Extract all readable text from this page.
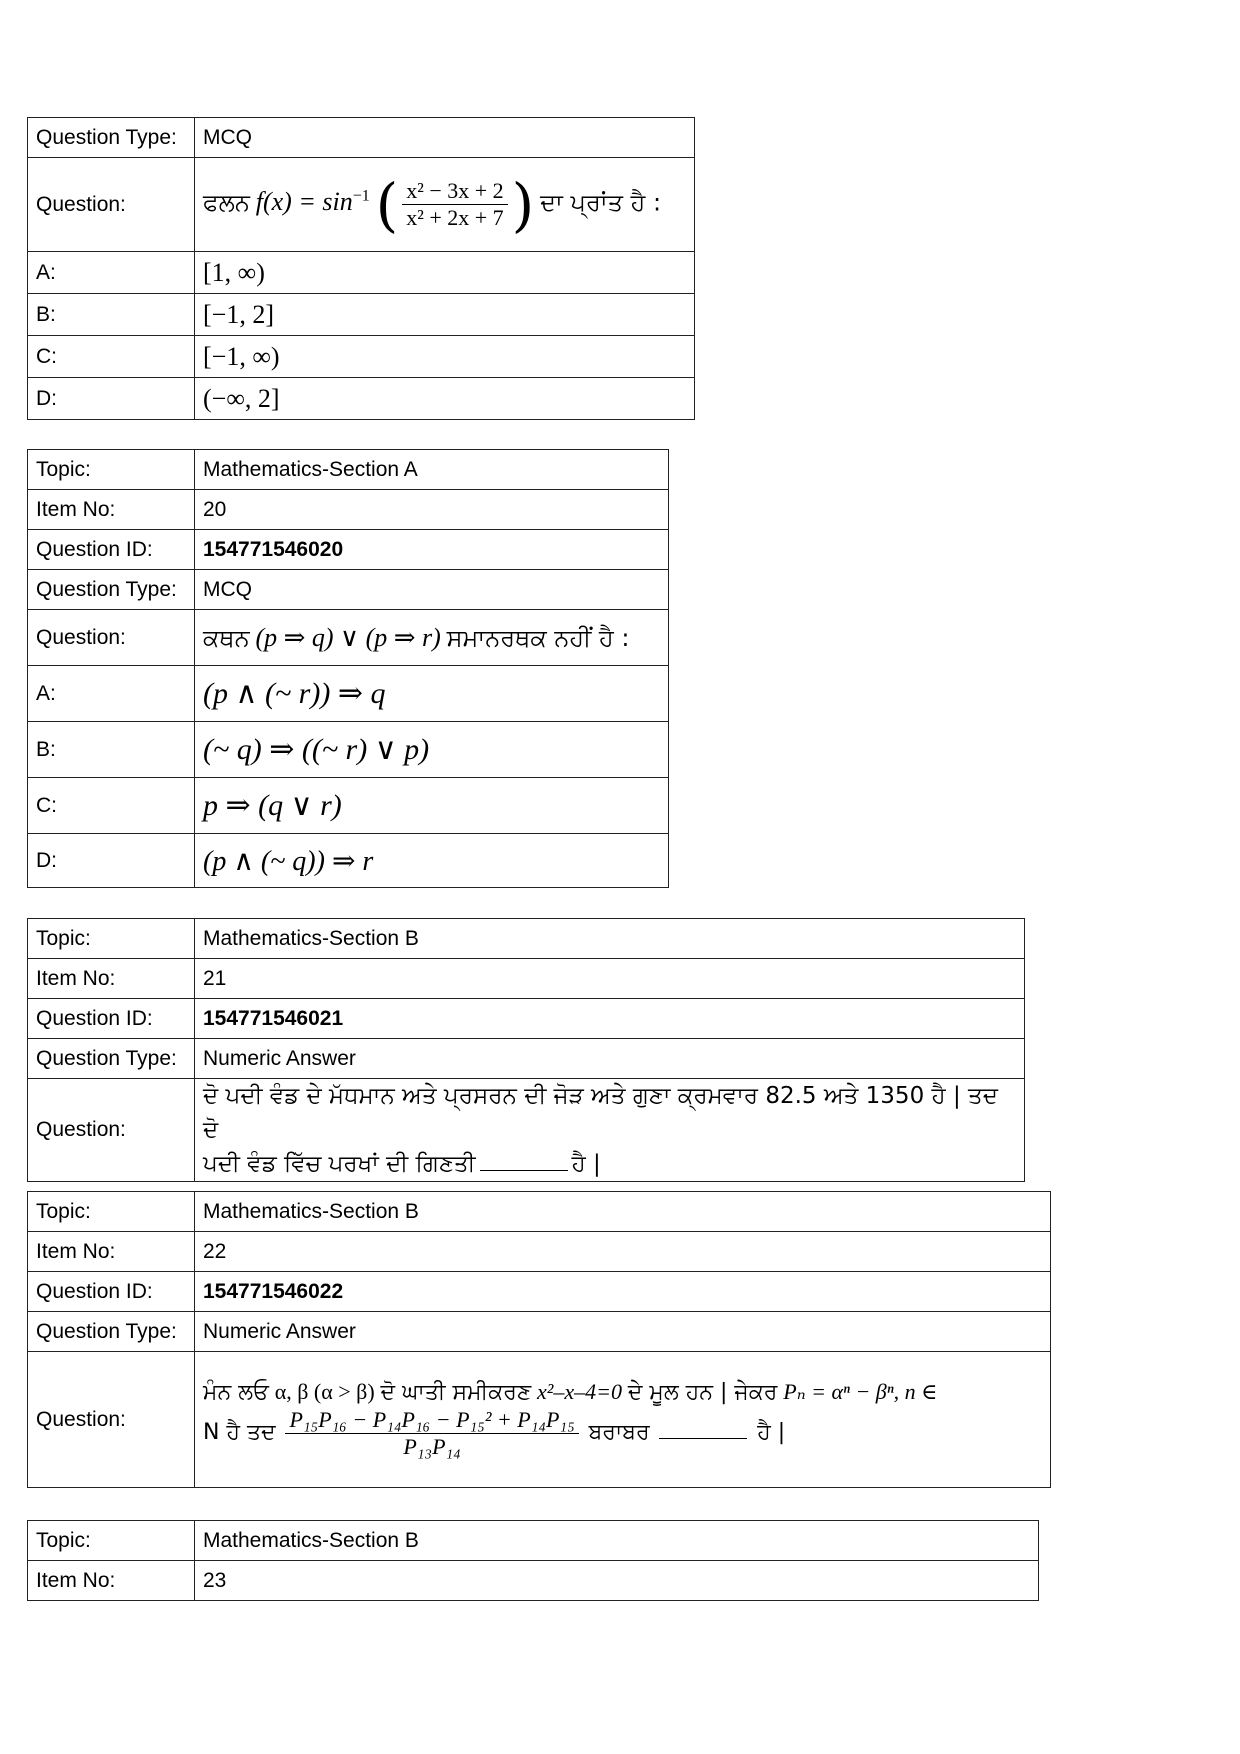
Question Type:	MCQ
Question:	ਫਲਨ $f(x) = \sin^{-1}$ ( $\frac{\text{x² − 3x + 2}}{\text{x² + 2x + 7}}$ ) ਦਾ ਪ੍ਰਾਂਤ ਹੈ :
A:	[1, ∞)
B:	[−1, 2]
C:	[−1, ∞)
D:	(−∞, 2]
Topic:	Mathematics-Section A
Item No:	20
Question ID:	154771546020
Question Type:	MCQ
Question:	ਕਥਨ (p ⇒ q) ∨ (p ⇒ r) ਸਮਾਨਰਥਕ ਨਹੀਂ ਹੈ :
A:	(p ∧ (~ r)) ⇒ q
B:	(~ q) ⇒ ((~ r) ∨ p)
C:	p ⇒ (q ∨ r)
D:	(p ∧ (~ q)) ⇒ r
Topic:	Mathematics-Section B
Item No:	21
Question ID:	154771546021
Question Type:	Numeric Answer
Question:	ਦੋ ਪਦੀ ਵੰਡ ਦੇ ਮੱਧਮਾਨ ਅਤੇ ਪ੍ਰਸਰਨ ਦੀ ਜੋੜ ਅਤੇ ਗੁਣਾ ਕ੍ਰਮਵਾਰ 82.5 ਅਤੇ 1350 ਹੈ | ਤਦ ਦੋ
ਪਦੀ ਵੰਡ ਵਿੱਚ ਪਰਖਾਂ ਦੀ ਗਿਣਤੀ ਹੈ |
Topic:	Mathematics-Section B
Item No:	22
Question ID:	154771546022
Question Type:	Numeric Answer
Question:	ਮੰਨ ਲਓ α, β (α > β) ਦੋ ਘਾਤੀ ਸਮੀਕਰਣ x²–x–4=0 ਦੇ ਮੂਲ ਹਨ | ਜੇਕਰ Pₙ = αⁿ − βⁿ, n ∈
N ਹੈ ਤਦ $\frac{\text{P₁₅P₁₆ − P₁₄P₁₆ − P₁₅² + P₁₄P₁₅}}{\text{P₁₃P₁₄}}$ ਬਰਾਬਰ ਹੈ |
Topic:	Mathematics-Section B
Item No:	23
